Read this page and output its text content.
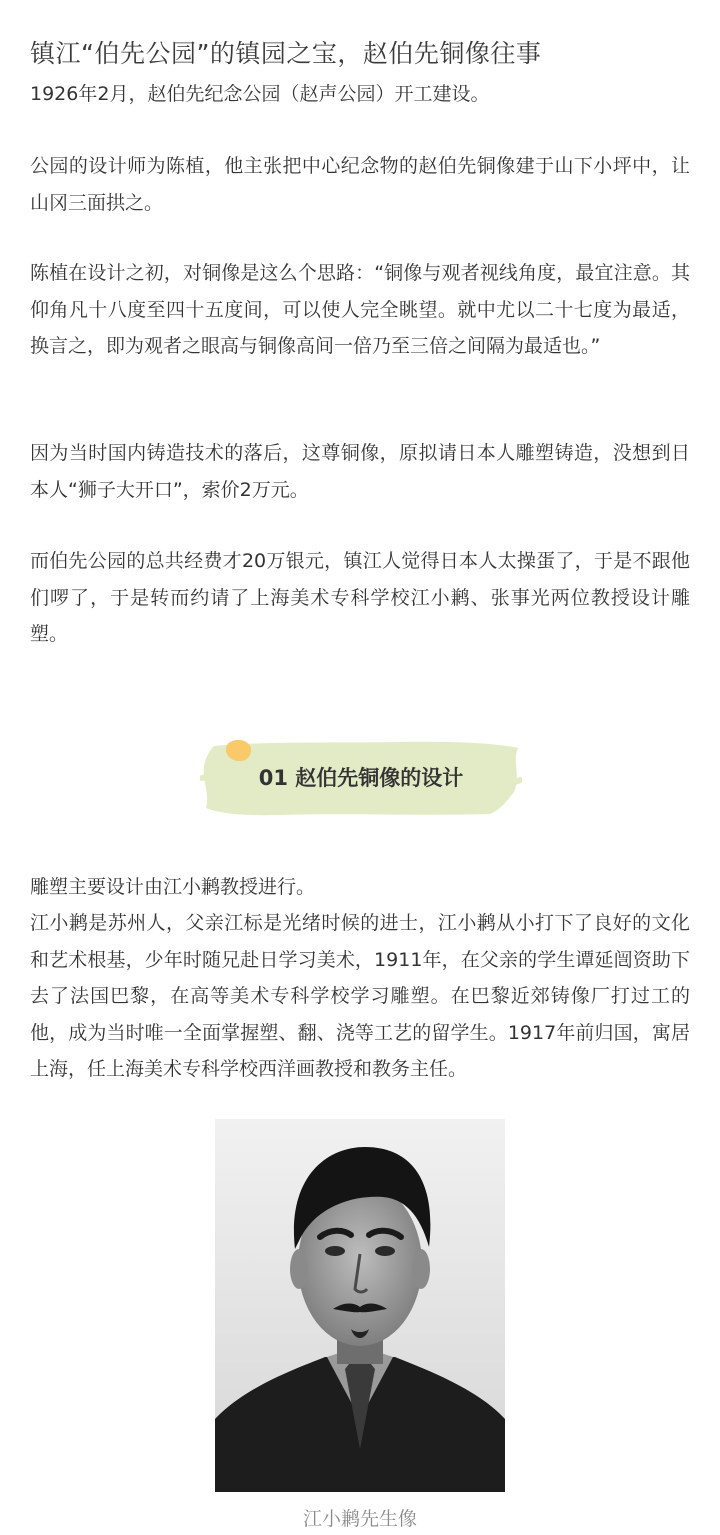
镇江“伯先公园”的镇园之宝，赵伯先铜像往事

1926年2月，赵伯先纪念公园（赵声公园）开工建设。

公园的设计师为陈植，他主张把中心纪念物的赵伯先铜像建于山下小坪中，让山冈三面拱之。

陈植在设计之初，对铜像是这么个思路：“铜像与观者视线角度，最宜注意。其仰角凡十八度至四十五度间，可以使人完全眺望。就中尤以二十七度为最适，换言之，即为观者之眼高与铜像高间一倍乃至三倍之间隔为最适也。”

因为当时国内铸造技术的落后，这尊铜像，原拟请日本人雕塑铸造，没想到日本人“狮子大开口”，索价2万元。

而伯先公园的总共经费才20万银元，镇江人觉得日本人太操蛋了，于是不跟他们啰了，于是转而约请了上海美术专科学校江小鹣、张事光两位教授设计雕塑。

01 赵伯先铜像的设计

雕塑主要设计由江小鹣教授进行。

江小鹣是苏州人，父亲江标是光绪时候的进士，江小鹣从小打下了良好的文化和艺术根基，少年时随兄赴日学习美术，1911年，在父亲的学生谭延闿资助下去了法国巴黎，在高等美术专科学校学习雕塑。在巴黎近郊铸像厂打过工的他，成为当时唯一全面掌握塑、翻、浇等工艺的留学生。1917年前归国，寓居上海，任上海美术专科学校西洋画教授和教务主任。

江小鹣先生像
